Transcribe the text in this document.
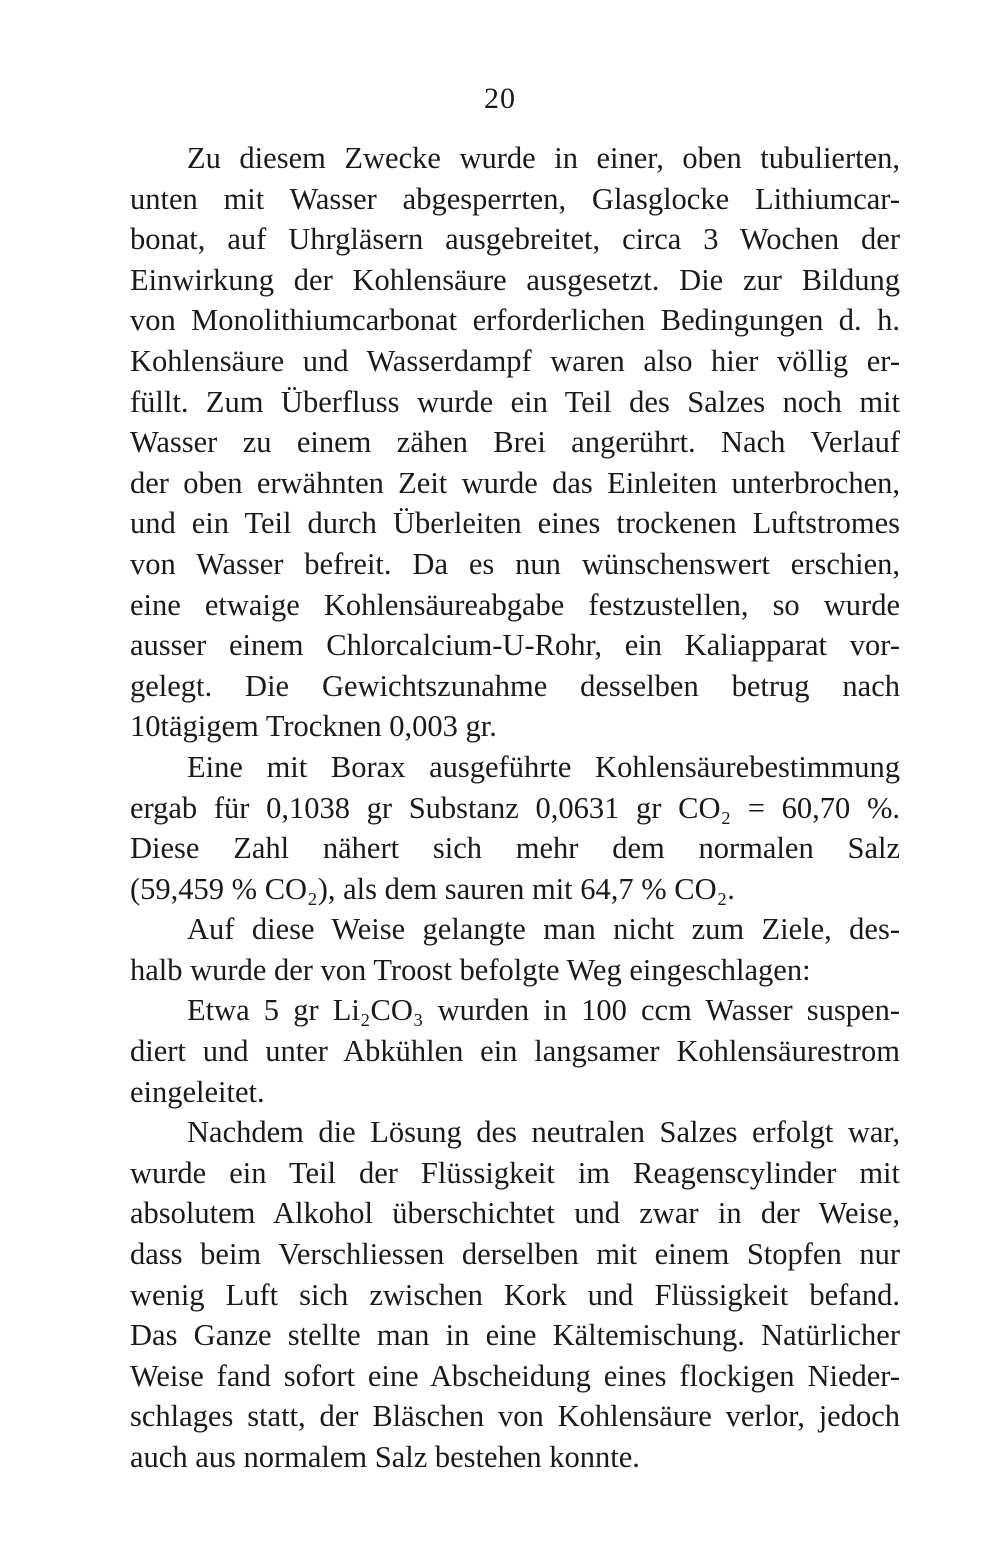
20
Zu diesem Zwecke wurde in einer, oben tubulierten,
unten mit Wasser abgesperrten, Glasglocke Lithiumcar-
bonat, auf Uhrgläsern ausgebreitet, circa 3 Wochen der
Einwirkung der Kohlensäure ausgesetzt. Die zur Bildung
von Monolithiumcarbonat erforderlichen Bedingungen d. h.
Kohlensäure und Wasserdampf waren also hier völlig er-
füllt. Zum Überfluss wurde ein Teil des Salzes noch mit
Wasser zu einem zähen Brei angerührt. Nach Verlauf
der oben erwähnten Zeit wurde das Einleiten unterbrochen,
und ein Teil durch Überleiten eines trockenen Luftstromes
von Wasser befreit. Da es nun wünschenswert erschien,
eine etwaige Kohlensäureabgabe festzustellen, so wurde
ausser einem Chlorcalcium-U-Rohr, ein Kaliapparat vor-
gelegt. Die Gewichtszunahme desselben betrug nach
10tägigem Trocknen 0,003 gr.
Eine mit Borax ausgeführte Kohlensäurebestimmung
ergab für 0,1038 gr Substanz 0,0631 gr CO₂ = 60,70 %.
Diese Zahl nähert sich mehr dem normalen Salz
(59,459 % CO₂), als dem sauren mit 64,7 % CO₂.
Auf diese Weise gelangte man nicht zum Ziele, des-
halb wurde der von Troost befolgte Weg eingeschlagen:
Etwa 5 gr Li₂CO₃ wurden in 100 ccm Wasser suspen-
diert und unter Abkühlen ein langsamer Kohlensäurestrom
eingeleitet.
Nachdem die Lösung des neutralen Salzes erfolgt war,
wurde ein Teil der Flüssigkeit im Reagenscylinder mit
absolutem Alkohol überschichtet und zwar in der Weise,
dass beim Verschliessen derselben mit einem Stopfen nur
wenig Luft sich zwischen Kork und Flüssigkeit befand.
Das Ganze stellte man in eine Kältemischung. Natürlicher
Weise fand sofort eine Abscheidung eines flockigen Nieder-
schlages statt, der Bläschen von Kohlensäure verlor, jedoch
auch aus normalem Salz bestehen konnte.
